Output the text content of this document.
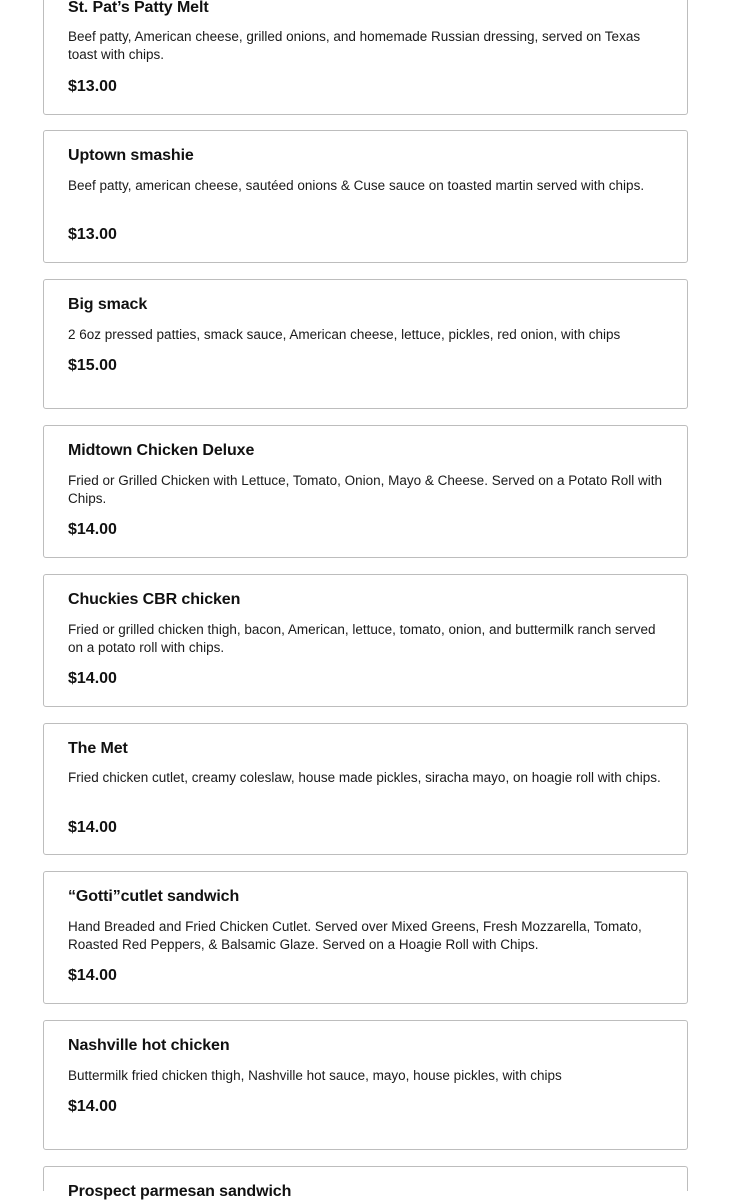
St. Pat’s Patty Melt
Beef patty, American cheese, grilled onions, and homemade Russian dressing, served on Texas toast with chips.
$13.00
Uptown smashie
Beef patty, american cheese, sautéed onions & Cuse sauce on toasted martin served with chips.
$13.00
Big smack
2 6oz pressed patties, smack sauce, American cheese, lettuce, pickles, red onion, with chips
$15.00
Midtown Chicken Deluxe
Fried or Grilled Chicken with Lettuce, Tomato, Onion, Mayo & Cheese. Served on a Potato Roll with Chips.
$14.00
Chuckies CBR chicken
Fried or grilled chicken thigh, bacon, American, lettuce, tomato, onion, and buttermilk ranch served on a potato roll with chips.
$14.00
The Met
Fried chicken cutlet, creamy coleslaw, house made pickles, siracha mayo, on hoagie roll with chips.
$14.00
“Gotti”cutlet sandwich
Hand Breaded and Fried Chicken Cutlet. Served over Mixed Greens, Fresh Mozzarella, Tomato, Roasted Red Peppers, & Balsamic Glaze. Served on a Hoagie Roll with Chips.
$14.00
Nashville hot chicken
Buttermilk fried chicken thigh, Nashville hot sauce, mayo, house pickles, with chips
$14.00
Prospect parmesan sandwich
